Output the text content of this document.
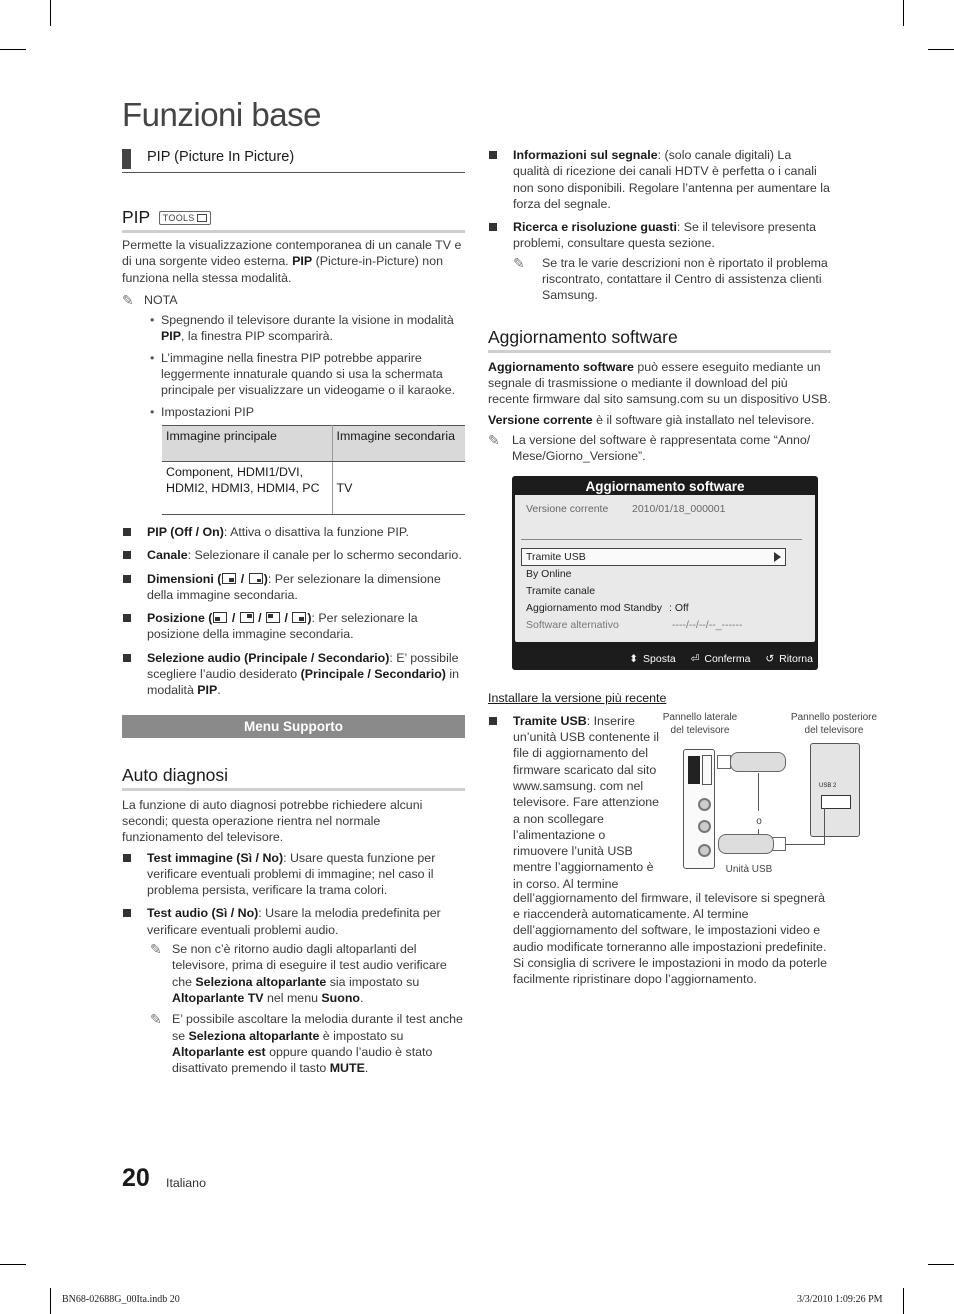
Funzioni base
PIP (Picture In Picture)
PIP TOOLS

Permette la visualizzazione contemporanea di un canale TV e di una sorgente video esterna. PIP (Picture-in-Picture) non funziona nella stessa modalità.

✎ NOTA
• Spegnendo il televisore durante la visione in modalità PIP, la finestra PIP scomparirà.
• L’immagine nella finestra PIP potrebbe apparire leggermente innaturale quando si usa la schermata principale per visualizzare un videogame o il karaoke.
• Impostazioni PIP
Immagine principale	Immagine secondaria
Component, HDMI1/DVI, HDMI2, HDMI3, HDMI4, PC	TV
PIP (Off / On): Attiva o disattiva la funzione PIP.
Canale: Selezionare il canale per lo schermo secondario.
Dimensioni ( / ): Per selezionare la dimensione della immagine secondaria.
Posizione ( /  /  / ): Per selezionare la posizione della immagine secondaria.
Selezione audio (Principale / Secondario): E’ possibile scegliere l’audio desiderato (Principale / Secondario) in modalità PIP.
Menu Supporto
Auto diagnosi

La funzione di auto diagnosi potrebbe richiedere alcuni secondi; questa operazione rientra nel normale funzionamento del televisore.

Test immagine (Sì / No): Usare questa funzione per verificare eventuali problemi di immagine; nel caso il problema persista, verificare la trama colori.
Test audio (Sì / No): Usare la melodia predefinita per verificare eventuali problemi audio.
✎ Se non c’è ritorno audio dagli altoparlanti del televisore, prima di eseguire il test audio verificare che Seleziona altoparlante sia impostato su Altoparlante TV nel menu Suono.
✎ E’ possibile ascoltare la melodia durante il test anche se Seleziona altoparlante è impostato su Altoparlante est oppure quando l’audio è stato disattivato premendo il tasto MUTE.
Informazioni sul segnale: (solo canale digitali) La qualità di ricezione dei canali HDTV è perfetta o i canali non sono disponibili. Regolare l’antenna per aumentare la forza del segnale.
Ricerca e risoluzione guasti: Se il televisore presenta problemi, consultare questa sezione.
✎	Se tra le varie descrizioni non è riportato il problema riscontrato, contattare il Centro di assistenza clienti Samsung.
Aggiornamento software

Aggiornamento software può essere eseguito mediante un segnale di trasmissione o mediante il download del più recente firmware dal sito samsung.com su un dispositivo USB.

Versione corrente è il software già installato nel televisore.

✎ La versione del software è rappresentata come “Anno/ Mese/Giorno_Versione”.
Aggiornamento software
Versione corrente 2010/01/18_000001
Tramite USB
By Online
Tramite canale
Aggiornamento mod Standby : Off
Software alternativo	----/--/--/--_------
⬍ Sposta ⏎ Conferma ↺ Ritorna
Installare la versione più recente
Tramite USB: Inserire un’unità USB contenente il file di aggiornamento del firmware scaricato dal sito www.samsung. com nel televisore. Fare attenzione a non scollegare l’alimentazione o rimuovere l’unità USB mentre l’aggiornamento è in corso. Al termine
Pannello laterale
del televisore
Pannello posteriore
del televisore
USB 2
o
Unità USB
dell’aggiornamento del firmware, il televisore si spegnerà e riaccenderà automaticamente. Al termine dell’aggiornamento del software, le impostazioni video e audio modificate torneranno alle impostazioni predefinite. Si consiglia di scrivere le impostazioni in modo da poterle facilmente ripristinare dopo l’aggiornamento.
20 Italiano
BN68-02688G_00Ita.indb 20	3/3/2010 1:09:26 PM
